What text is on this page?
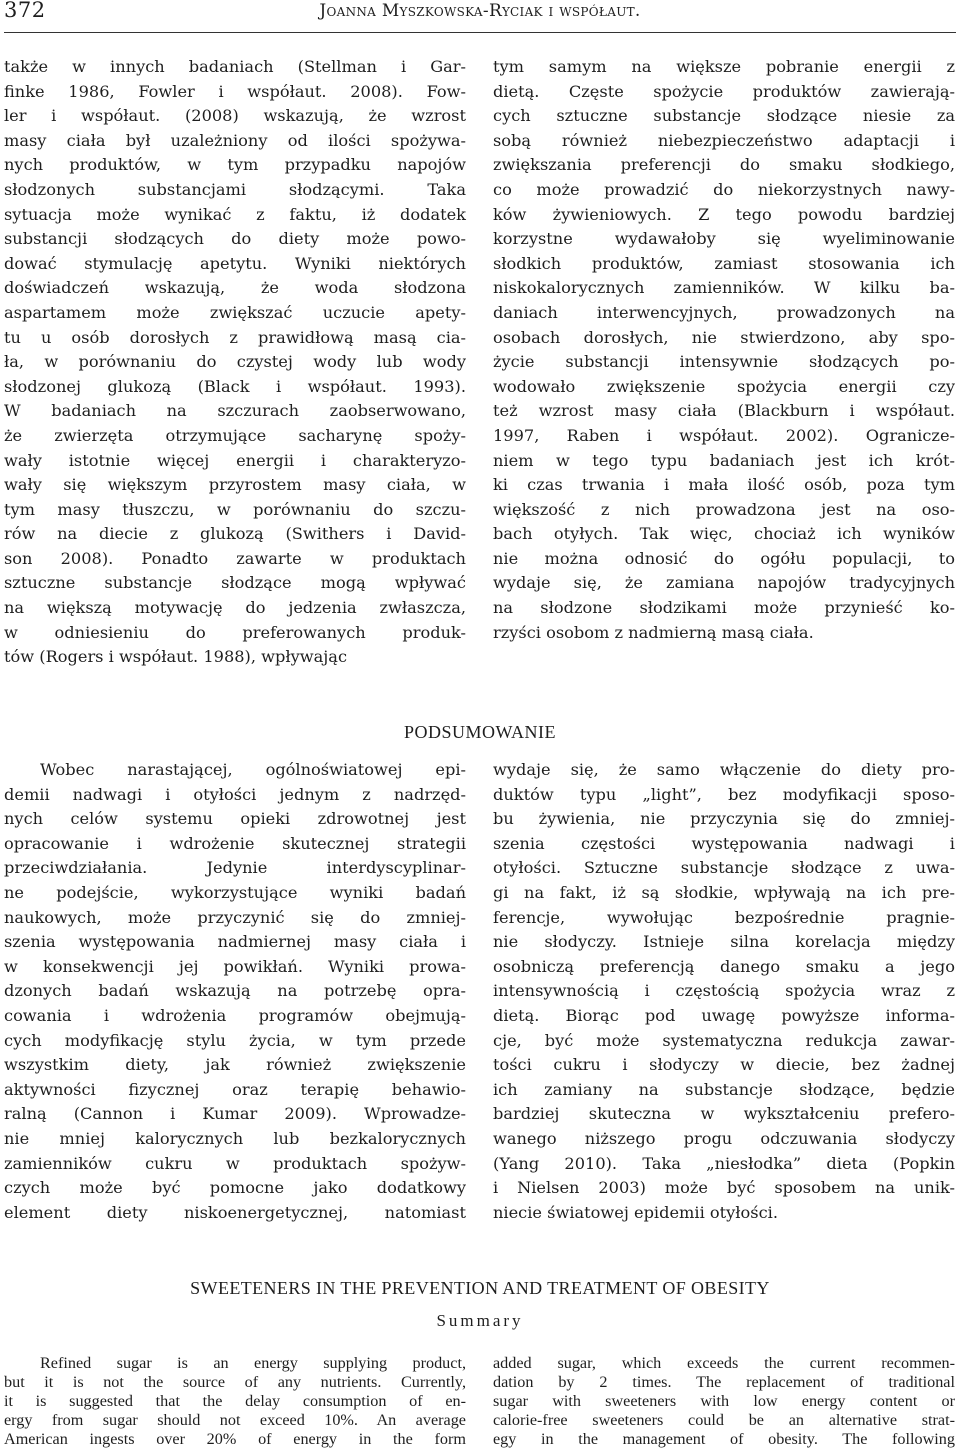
372	Joanna Myszkowska-Ryciak i współaut.
także w innych badaniach (Stellman i Gar-
finke 1986, Fowler i współaut. 2008). Fow-
ler i współaut. (2008) wskazują, że wzrost
masy ciała był uzależniony od ilości spożywa-
nych produktów, w tym przypadku napojów
słodzonych substancjami słodzącymi. Taka
sytuacja może wynikać z faktu, iż dodatek
substancji słodzących do diety może powo-
dować stymulację apetytu. Wyniki niektórych
doświadczeń wskazują, że woda słodzona
aspartamem może zwiększać uczucie apety-
tu u osób dorosłych z prawidłową masą cia-
ła, w porównaniu do czystej wody lub wody
słodzonej glukozą (Black i współaut. 1993).
W badaniach na szczurach zaobserwowano,
że zwierzęta otrzymujące sacharynę spoży-
wały istotnie więcej energii i charakteryzo-
wały się większym przyrostem masy ciała, w
tym masy tłuszczu, w porównaniu do szczu-
rów na diecie z glukozą (Swithers i David-
son 2008). Ponadto zawarte w produktach
sztuczne substancje słodzące mogą wpływać
na większą motywację do jedzenia zwłaszcza,
w odniesieniu do preferowanych produk-
tów (Rogers i współaut. 1988), wpływając
tym samym na większe pobranie energii z
dietą. Częste spożycie produktów zawierają-
cych sztuczne substancje słodzące niesie za
sobą również niebezpieczeństwo adaptacji i
zwiększania preferencji do smaku słodkiego,
co może prowadzić do niekorzystnych nawy-
ków żywieniowych. Z tego powodu bardziej
korzystne wydawałoby się wyeliminowanie
słodkich produktów, zamiast stosowania ich
niskokalorycznych zamienników. W kilku ba-
daniach interwencyjnych, prowadzonych na
osobach dorosłych, nie stwierdzono, aby spo-
życie substancji intensywnie słodzących po-
wodowało zwiększenie spożycia energii czy
też wzrost masy ciała (Blackburn i współaut.
1997, Raben i współaut. 2002). Ogranicze-
niem w tego typu badaniach jest ich krót-
ki czas trwania i mała ilość osób, poza tym
większość z nich prowadzona jest na oso-
bach otyłych. Tak więc, chociaż ich wyników
nie można odnosić do ogółu populacji, to
wydaje się, że zamiana napojów tradycyjnych
na słodzone słodzikami może przynieść ko-
rzyści osobom z nadmierną masą ciała.
PODSUMOWANIE
Wobec narastającej, ogólnoświatowej epi-
demii nadwagi i otyłości jednym z nadrzęd-
nych celów systemu opieki zdrowotnej jest
opracowanie i wdrożenie skutecznej strategii
przeciwdziałania. Jedynie interdyscyplinar-
ne podejście, wykorzystujące wyniki badań
naukowych, może przyczynić się do zmniej-
szenia występowania nadmiernej masy ciała i
w konsekwencji jej powikłań. Wyniki prowa-
dzonych badań wskazują na potrzebę opra-
cowania i wdrożenia programów obejmują-
cych modyfikację stylu życia, w tym przede
wszystkim diety, jak również zwiększenie
aktywności fizycznej oraz terapię behawio-
ralną (Cannon i Kumar 2009). Wprowadze-
nie mniej kalorycznych lub bezkalorycznych
zamienników cukru w produktach spożyw-
czych może być pomocne jako dodatkowy
element diety niskoenergetycznej, natomiast
wydaje się, że samo włączenie do diety pro-
duktów typu „light”, bez modyfikacji sposo-
bu żywienia, nie przyczynia się do zmniej-
szenia częstości występowania nadwagi i
otyłości. Sztuczne substancje słodzące z uwa-
gi na fakt, iż są słodkie, wpływają na ich pre-
ferencje, wywołując bezpośrednie pragnie-
nie słodyczy. Istnieje silna korelacja między
osobniczą preferencją danego smaku a jego
intensywnością i częstością spożycia wraz z
dietą. Biorąc pod uwagę powyższe informa-
cje, być może systematyczna redukcja zawar-
tości cukru i słodyczy w diecie, bez żadnej
ich zamiany na substancje słodzące, będzie
bardziej skuteczna w wykształceniu prefero-
wanego niższego progu odczuwania słodyczy
(Yang 2010). Taka „niesłodka” dieta (Popkin
i Nielsen 2003) może być sposobem na unik-
niecie światowej epidemii otyłości.
SWEETENERS IN THE PREVENTION AND TREATMENT OF OBESITY
Summary
Refined sugar is an energy supplying product,
but it is not the source of any nutrients. Currently,
it is suggested that the delay consumption of en-
ergy from sugar should not exceed 10%. An average
American ingests over 20% of energy in the form
added sugar, which exceeds the current recommen-
dation by 2 times. The replacement of traditional
sugar with sweeteners with low energy content or
calorie-free sweeteners could be an alternative strat-
egy in the management of obesity. The following
